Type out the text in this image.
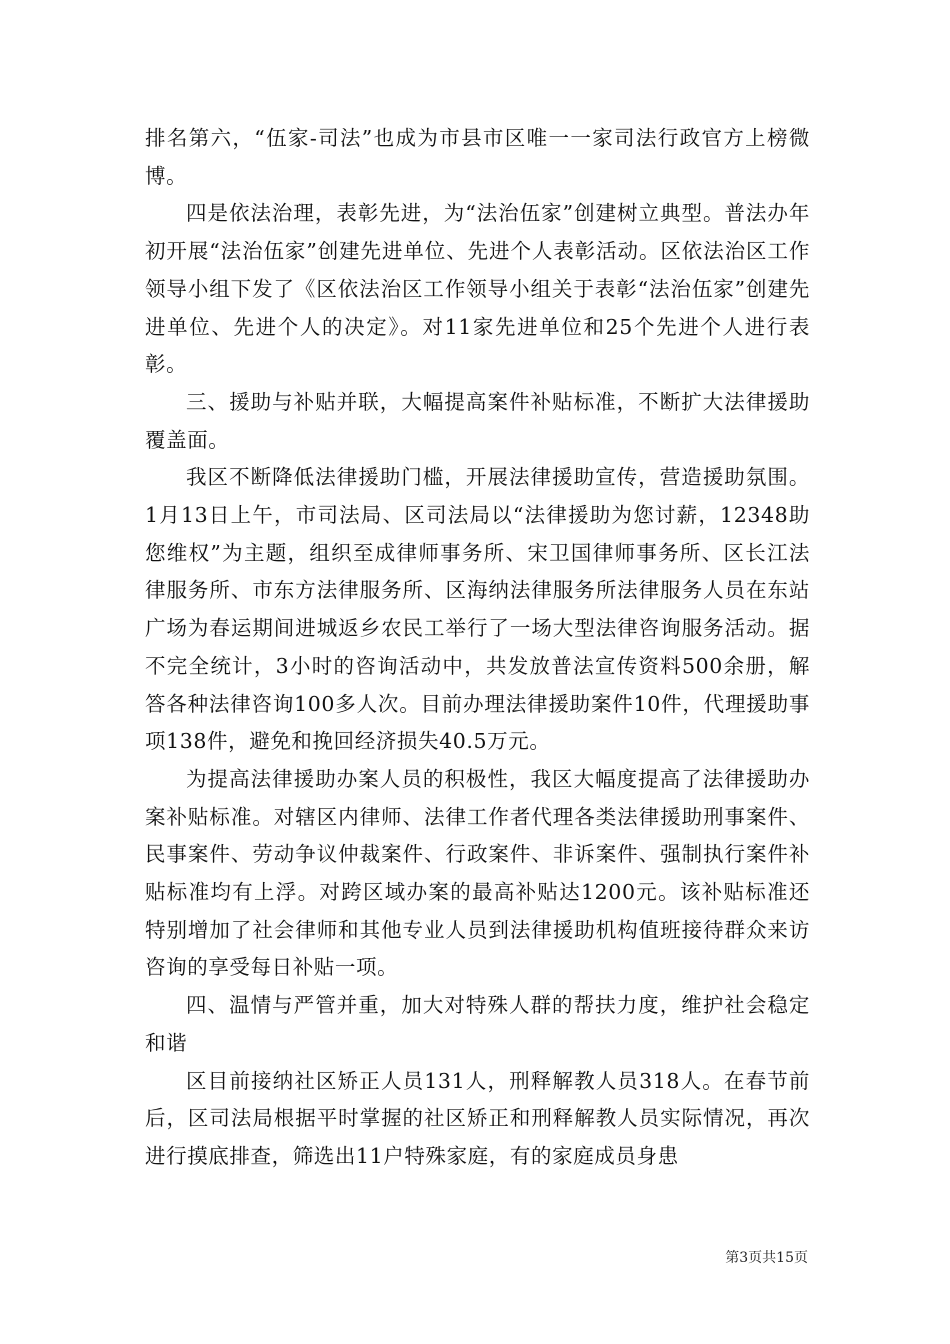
排名第六，“伍家-司法”也成为市县市区唯一一家司法行政官方上榜微博。

四是依法治理，表彰先进，为“法治伍家”创建树立典型。普法办年初开展“法治伍家”创建先进单位、先进个人表彰活动。区依法治区工作领导小组下发了《区依法治区工作领导小组关于表彰“法治伍家”创建先进单位、先进个人的决定》。对11家先进单位和25个先进个人进行表彰。

三、援助与补贴并联，大幅提高案件补贴标准，不断扩大法律援助覆盖面。

我区不断降低法律援助门槛，开展法律援助宣传，营造援助氛围。1月13日上午，市司法局、区司法局以“法律援助为您讨薪，12348助您维权”为主题，组织至成律师事务所、宋卫国律师事务所、区长江法律服务所、市东方法律服务所、区海纳法律服务所法律服务人员在东站广场为春运期间进城返乡农民工举行了一场大型法律咨询服务活动。据不完全统计，3小时的咨询活动中，共发放普法宣传资料500余册，解答各种法律咨询100多人次。目前办理法律援助案件10件，代理援助事项138件，避免和挽回经济损失40.5万元。

为提高法律援助办案人员的积极性，我区大幅度提高了法律援助办案补贴标准。对辖区内律师、法律工作者代理各类法律援助刑事案件、民事案件、劳动争议仲裁案件、行政案件、非诉案件、强制执行案件补贴标准均有上浮。对跨区域办案的最高补贴达1200元。该补贴标准还特别增加了社会律师和其他专业人员到法律援助机构值班接待群众来访咨询的享受每日补贴一项。

四、温情与严管并重，加大对特殊人群的帮扶力度，维护社会稳定和谐

区目前接纳社区矫正人员131人，刑释解教人员318人。在春节前后，区司法局根据平时掌握的社区矫正和刑释解教人员实际情况，再次进行摸底排查，筛选出11户特殊家庭，有的家庭成员身患

第3页共15页
